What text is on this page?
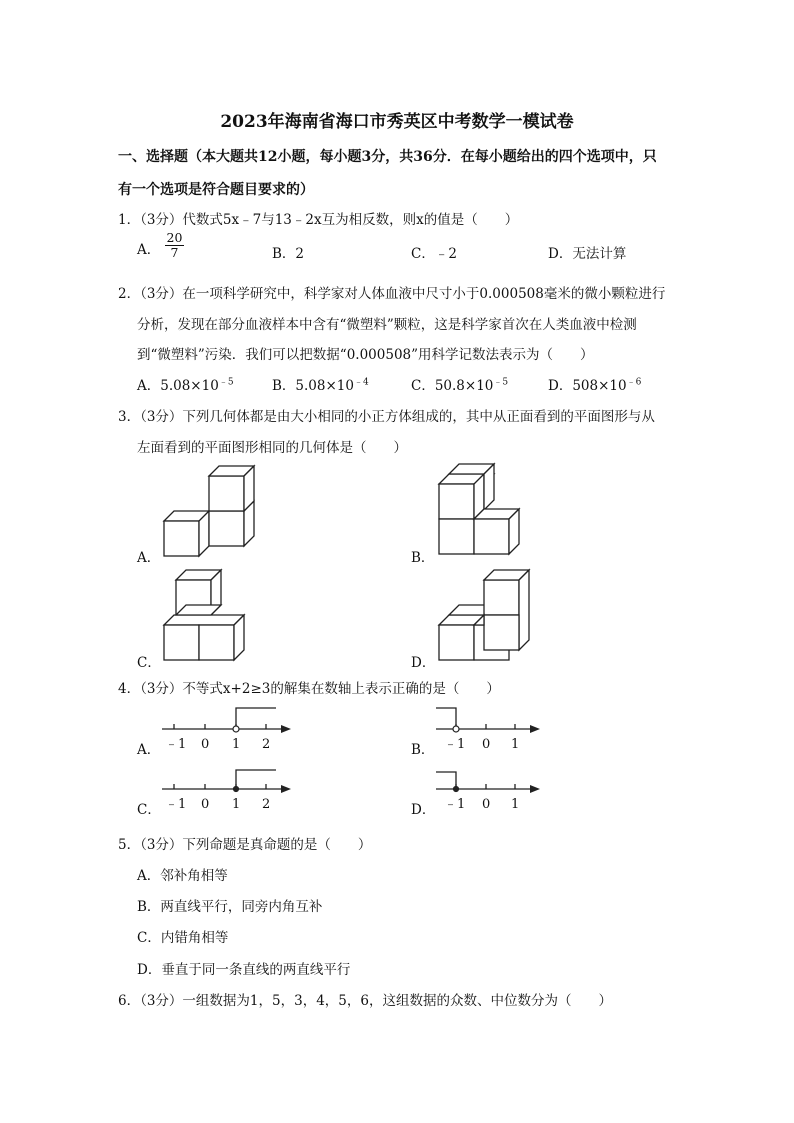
2023年海南省海口市秀英区中考数学一模试卷
一、选择题（本大题共12小题，每小题3分，共36分．在每小题给出的四个选项中，只
有一个选项是符合题目要求的）
1．（3分）代数式5x﹣7与13﹣2x互为相反数，则x的值是（　　）
A． $\frac{20}{7}$	B．2	C．﹣2	D．无法计算
2．（3分）在一项科学研究中，科学家对人体血液中尺寸小于0.000508毫米的微小颗粒进行
分析，发现在部分血液样本中含有“微塑料”颗粒，这是科学家首次在人类血液中检测
到“微塑料”污染．我们可以把数据“0.000508”用科学记数法表示为（　　）
A．$5.08\times 10^{﹣5}$	B．$5.08\times 10^{﹣4}$	C．$50.8\times 10^{﹣5}$	D．$508\times 10^{﹣6}$
3．（3分）下列几何体都是由大小相同的小正方体组成的，其中从正面看到的平面图形与从
左面看到的平面图形相同的几何体是（　　）
A．	B．
C．	D．
4．（3分）不等式x+2≥3的解集在数轴上表示正确的是（　　）
A．	B．
C．	D．
﹣1 0 1 2	﹣1 0 1
﹣1 0 1 2	﹣1 0 1
5．（3分）下列命题是真命题的是（　　）
A．邻补角相等
B．两直线平行，同旁内角互补
C．内错角相等
D．垂直于同一条直线的两直线平行
6．（3分）一组数据为1，5，3，4，5，6，这组数据的众数、中位数分为（　　）
